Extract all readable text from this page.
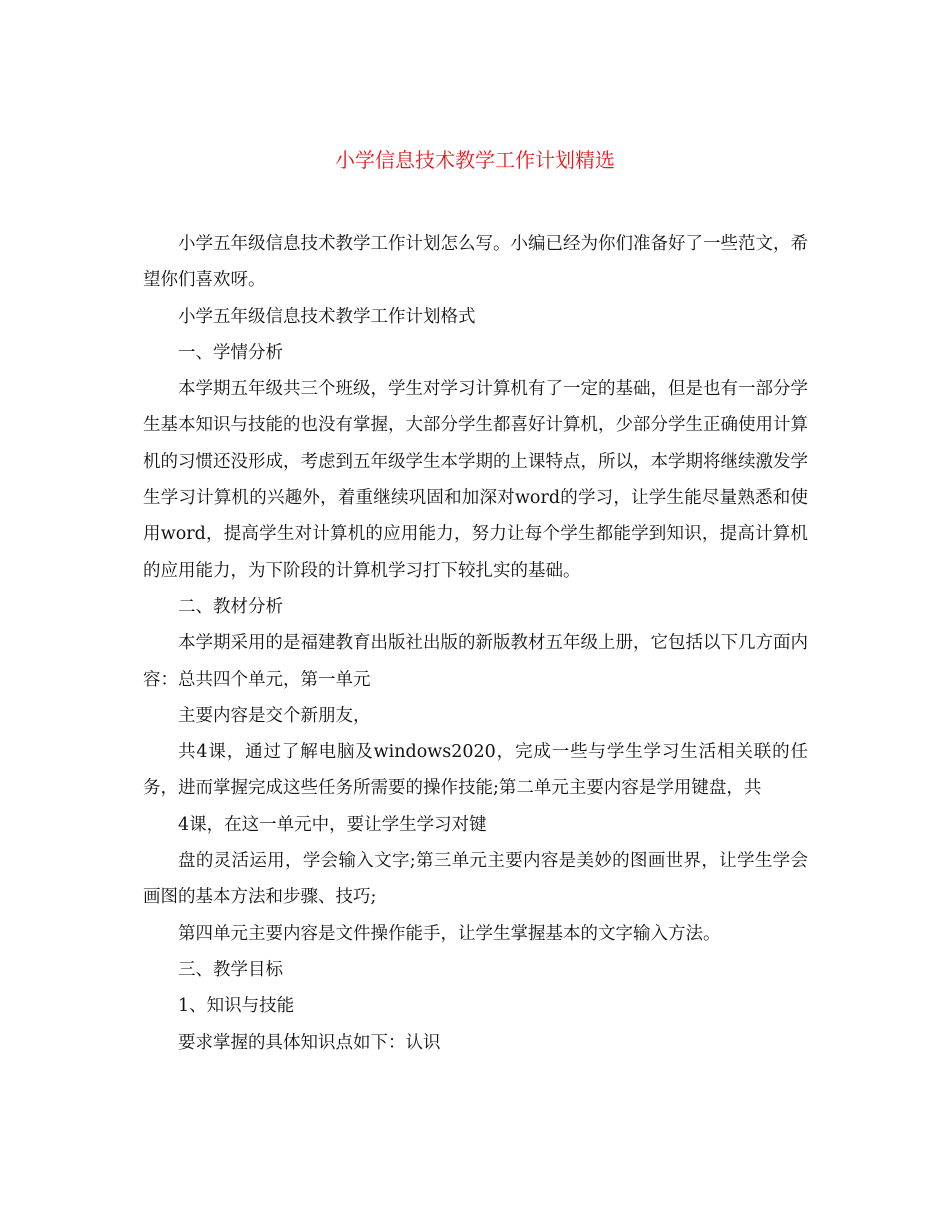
小学信息技术教学工作计划精选

小学五年级信息技术教学工作计划怎么写。小编已经为你们准备好了一些范文，希望你们喜欢呀。

小学五年级信息技术教学工作计划格式

一、学情分析

本学期五年级共三个班级，学生对学习计算机有了一定的基础，但是也有一部分学生基本知识与技能的也没有掌握，大部分学生都喜好计算机，少部分学生正确使用计算机的习惯还没形成，考虑到五年级学生本学期的上课特点，所以，本学期将继续激发学生学习计算机的兴趣外，着重继续巩固和加深对word的学习，让学生能尽量熟悉和使用word，提高学生对计算机的应用能力，努力让每个学生都能学到知识，提高计算机的应用能力，为下阶段的计算机学习打下较扎实的基础。

二、教材分析

本学期采用的是福建教育出版社出版的新版教材五年级上册，它包括以下几方面内容：总共四个单元，第一单元

主要内容是交个新朋友，

共4课，通过了解电脑及windows2020，完成一些与学生学习生活相关联的任务，进而掌握完成这些任务所需要的操作技能;第二单元主要内容是学用键盘，共

4课，在这一单元中，要让学生学习对键

盘的灵活运用，学会输入文字;第三单元主要内容是美妙的图画世界，让学生学会画图的基本方法和步骤、技巧;

第四单元主要内容是文件操作能手，让学生掌握基本的文字输入方法。

三、教学目标

1、知识与技能

要求掌握的具体知识点如下：认识
